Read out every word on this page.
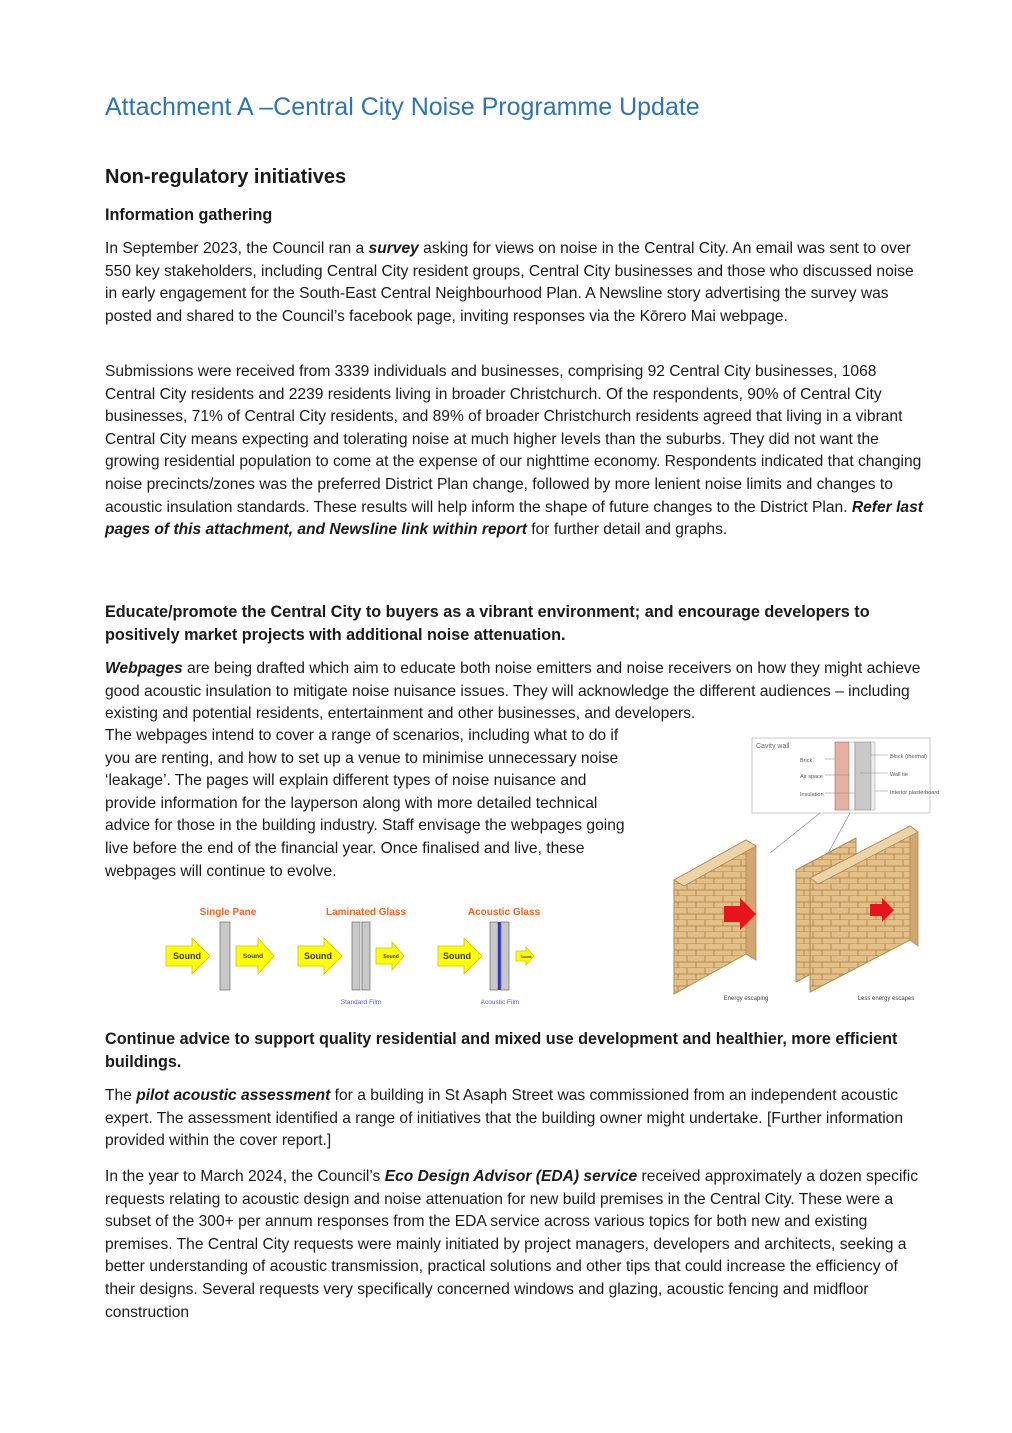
Attachment A –Central City Noise Programme Update
Non-regulatory initiatives
Information gathering

In September 2023, the Council ran a survey asking for views on noise in the Central City. An email was sent to over 550 key stakeholders, including Central City resident groups, Central City businesses and those who discussed noise in early engagement for the South-East Central Neighbourhood Plan. A Newsline story advertising the survey was posted and shared to the Council’s facebook page, inviting responses via the Kōrero Mai webpage.

Submissions were received from 3339 individuals and businesses, comprising 92 Central City businesses, 1068 Central City residents and 2239 residents living in broader Christchurch. Of the respondents, 90% of Central City businesses, 71% of Central City residents, and 89% of broader Christchurch residents agreed that living in a vibrant Central City means expecting and tolerating noise at much higher levels than the suburbs. They did not want the growing residential population to come at the expense of our nighttime economy. Respondents indicated that changing noise precincts/zones was the preferred District Plan change, followed by more lenient noise limits and changes to acoustic insulation standards. These results will help inform the shape of future changes to the District Plan. Refer last pages of this attachment, and Newsline link within report for further detail and graphs.

Educate/promote the Central City to buyers as a vibrant environment; and encourage developers to positively market projects with additional noise attenuation.

Webpages are being drafted which aim to educate both noise emitters and noise receivers on how they might achieve good acoustic insulation to mitigate noise nuisance issues. They will acknowledge the different audiences – including existing and potential residents, entertainment and other businesses, and developers.

The webpages intend to cover a range of scenarios, including what to do if you are renting, and how to set up a venue to minimise unnecessary noise ‘leakage’. The pages will explain different types of noise nuisance and provide information for the layperson along with more detailed technical advice for those in the building industry. Staff envisage the webpages going live before the end of the financial year. Once finalised and live, these webpages will continue to evolve.

Cavity wall
Brick
Air space
Insulation
Block (thermal)
Wall tie
Interior plasterboard
Energy escaping	Less energy escapes
Single Pane
Sound	Sound
Laminated Glass
Sound	Sound
Standard Film
Acoustic Glass
Sound	Sound
Acoustic Film
Continue advice to support quality residential and mixed use development and healthier, more efficient buildings.

The pilot acoustic assessment for a building in St Asaph Street was commissioned from an independent acoustic expert. The assessment identified a range of initiatives that the building owner might undertake. [Further information provided within the cover report.]

In the year to March 2024, the Council’s Eco Design Advisor (EDA) service received approximately a dozen specific requests relating to acoustic design and noise attenuation for new build premises in the Central City. These were a subset of the 300+ per annum responses from the EDA service across various topics for both new and existing premises. The Central City requests were mainly initiated by project managers, developers and architects, seeking a better understanding of acoustic transmission, practical solutions and other tips that could increase the efficiency of their designs. Several requests very specifically concerned windows and glazing, acoustic fencing and midfloor construction
